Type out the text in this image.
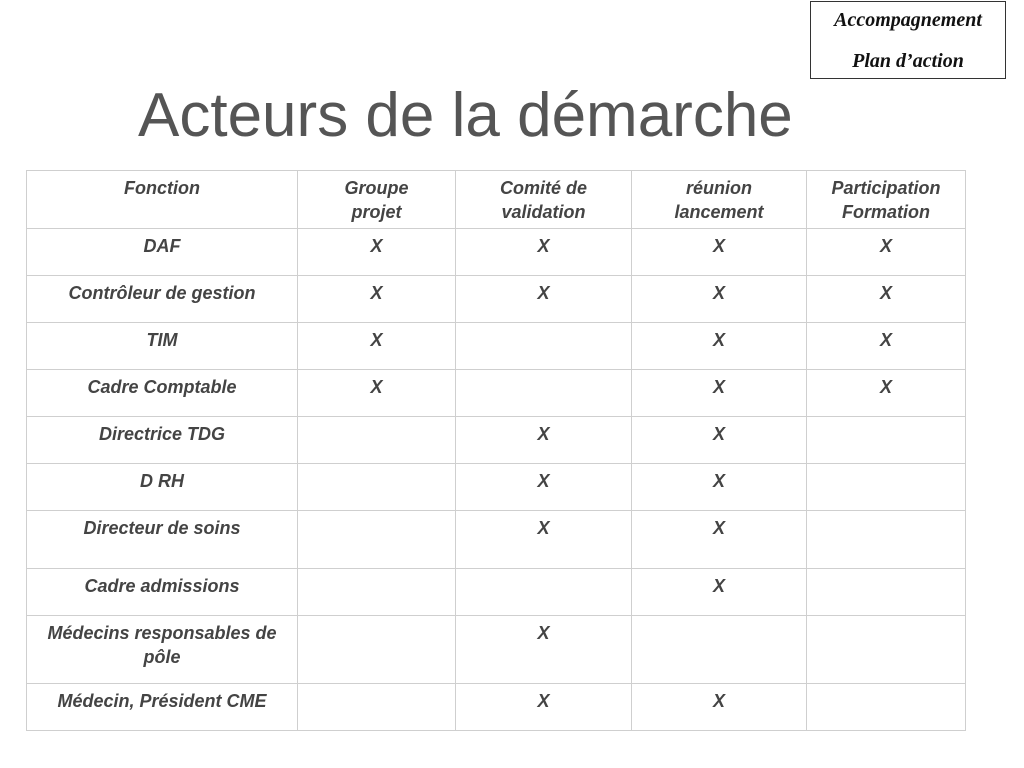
Accompagnement
Plan d’action
Acteurs de la démarche
Fonction	Groupe projet	Comité de validation	réunion lancement	Participation Formation
DAF	X	X	X	X
Contrôleur de gestion	X	X	X	X
TIM	X		X	X
Cadre Comptable	X		X	X
Directrice TDG		X	X	
D RH		X	X	
Directeur de soins		X	X	
Cadre admissions			X	
Médecins responsables de pôle		X		
Médecin, Président CME		X	X	
